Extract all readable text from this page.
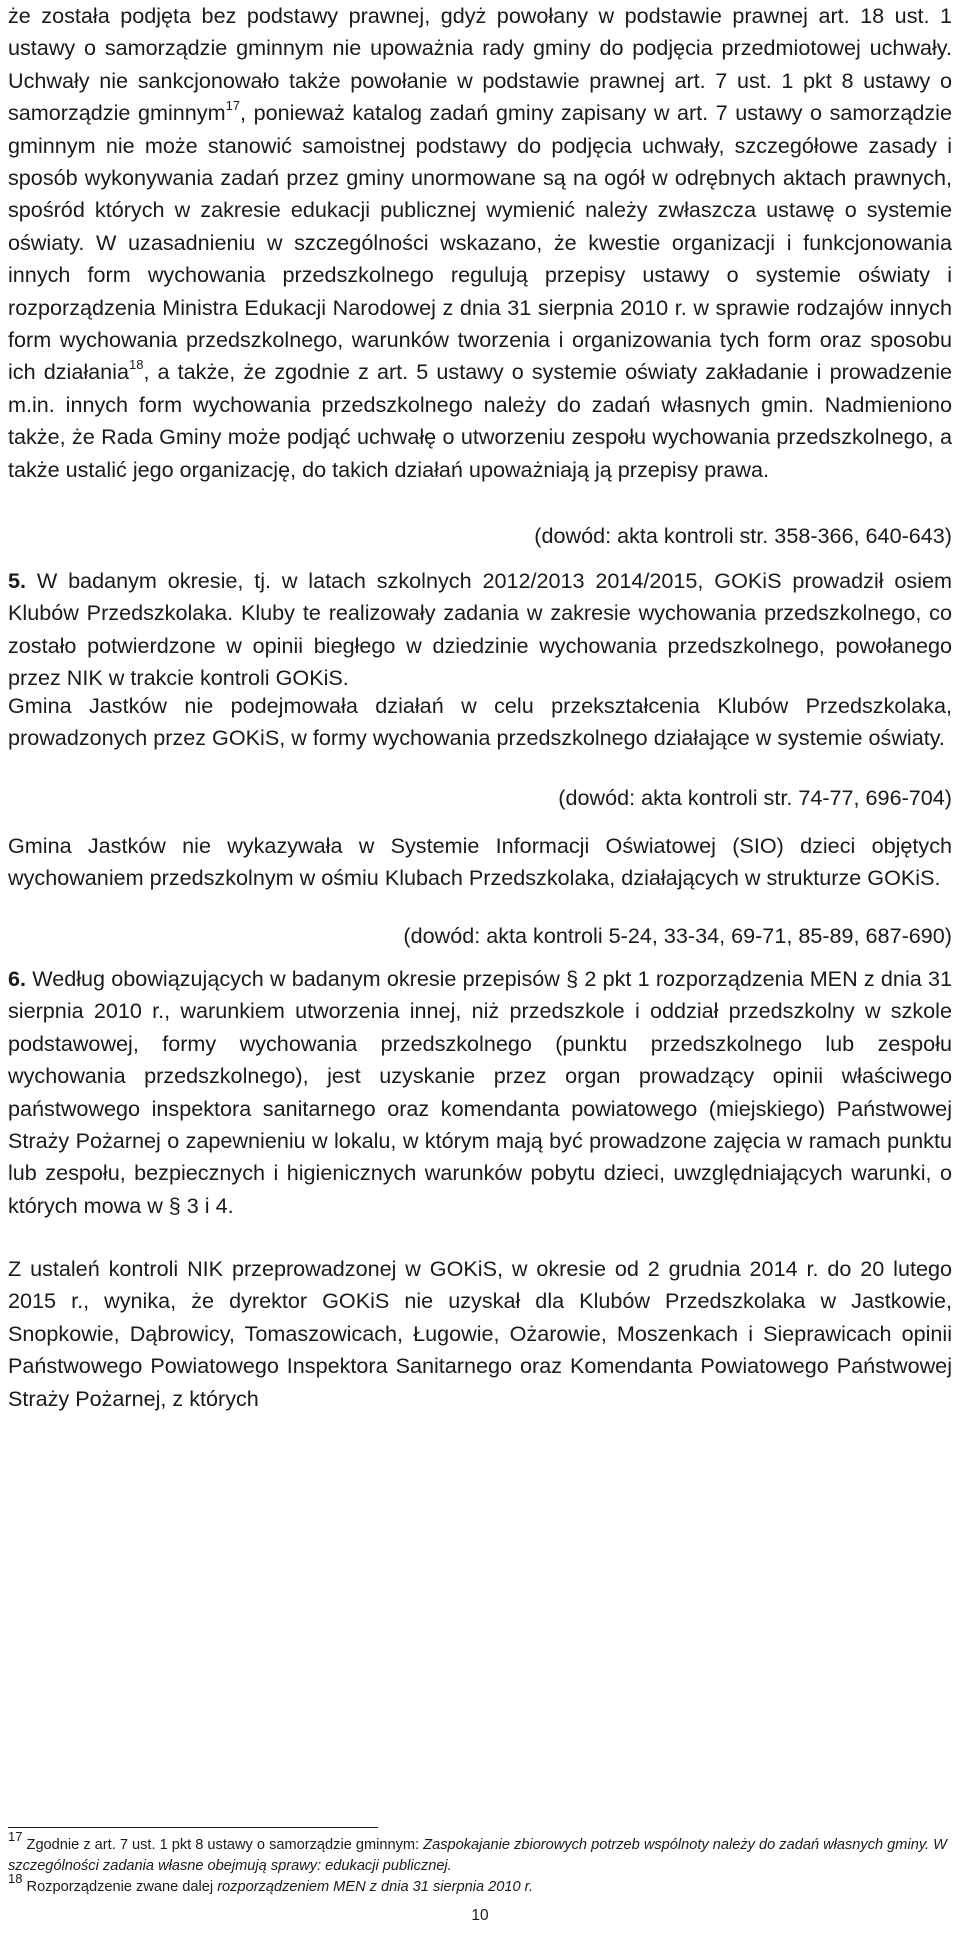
że została podjęta bez podstawy prawnej, gdyż powołany w podstawie prawnej art. 18 ust. 1 ustawy o samorządzie gminnym nie upoważnia rady gminy do podjęcia przedmiotowej uchwały. Uchwały nie sankcjonowało także powołanie w podstawie prawnej art. 7 ust. 1 pkt 8 ustawy o samorządzie gminnym$^{17}$, ponieważ katalog zadań gminy zapisany w art. 7 ustawy o samorządzie gminnym nie może stanowić samoistnej podstawy do podjęcia uchwały, szczegółowe zasady i sposób wykonywania zadań przez gminy unormowane są na ogół w odrębnych aktach prawnych, spośród których w zakresie edukacji publicznej wymienić należy zwłaszcza ustawę o systemie oświaty. W uzasadnieniu w szczególności wskazano, że kwestie organizacji i funkcjonowania innych form wychowania przedszkolnego regulują przepisy ustawy o systemie oświaty i rozporządzenia Ministra Edukacji Narodowej z dnia 31 sierpnia 2010 r. w sprawie rodzajów innych form wychowania przedszkolnego, warunków tworzenia i organizowania tych form oraz sposobu ich działania$^{18}$, a także, że zgodnie z art. 5 ustawy o systemie oświaty zakładanie i prowadzenie m.in. innych form wychowania przedszkolnego należy do zadań własnych gmin. Nadmieniono także, że Rada Gminy może podjąć uchwałę o utworzeniu zespołu wychowania przedszkolnego, a także ustalić jego organizację, do takich działań upoważniają ją przepisy prawa.

(dowód: akta kontroli str. 358-366, 640-643)

5. W badanym okresie, tj. w latach szkolnych 2012/2013 2014/2015, GOKiS prowadził osiem Klubów Przedszkolaka. Kluby te realizowały zadania w zakresie wychowania przedszkolnego, co zostało potwierdzone w opinii biegłego w dziedzinie wychowania przedszkolnego, powołanego przez NIK w trakcie kontroli GOKiS.

Gmina Jastków nie podejmowała działań w celu przekształcenia Klubów Przedszkolaka, prowadzonych przez GOKiS, w formy wychowania przedszkolnego działające w systemie oświaty.

(dowód: akta kontroli str. 74-77, 696-704)

Gmina Jastków nie wykazywała w Systemie Informacji Oświatowej (SIO) dzieci objętych wychowaniem przedszkolnym w ośmiu Klubach Przedszkolaka, działających w strukturze GOKiS.

(dowód: akta kontroli 5-24, 33-34, 69-71, 85-89, 687-690)

6. Według obowiązujących w badanym okresie przepisów § 2 pkt 1 rozporządzenia MEN z dnia 31 sierpnia 2010 r., warunkiem utworzenia innej, niż przedszkole i oddział przedszkolny w szkole podstawowej, formy wychowania przedszkolnego (punktu przedszkolnego lub zespołu wychowania przedszkolnego), jest uzyskanie przez organ prowadzący opinii właściwego państwowego inspektora sanitarnego oraz komendanta powiatowego (miejskiego) Państwowej Straży Pożarnej o zapewnieniu w lokalu, w którym mają być prowadzone zajęcia w ramach punktu lub zespołu, bezpiecznych i higienicznych warunków pobytu dzieci, uwzględniających warunki, o których mowa w § 3 i 4.

Z ustaleń kontroli NIK przeprowadzonej w GOKiS, w okresie od 2 grudnia 2014 r. do 20 lutego 2015 r., wynika, że dyrektor GOKiS nie uzyskał dla Klubów Przedszkolaka w Jastkowie, Snopkowie, Dąbrowicy, Tomaszowicach, Ługowie, Ożarowie, Moszenkach i Sieprawicach opinii Państwowego Powiatowego Inspektora Sanitarnego oraz Komendanta Powiatowego Państwowej Straży Pożarnej, z których

$^{17}$ Zgodnie z art. 7 ust. 1 pkt 8 ustawy o samorządzie gminnym: Zaspokajanie zbiorowych potrzeb wspólnoty należy do zadań własnych gminy. W szczególności zadania własne obejmują sprawy: edukacji publicznej.

$^{18}$ Rozporządzenie zwane dalej rozporządzeniem MEN z dnia 31 sierpnia 2010 r.

10
